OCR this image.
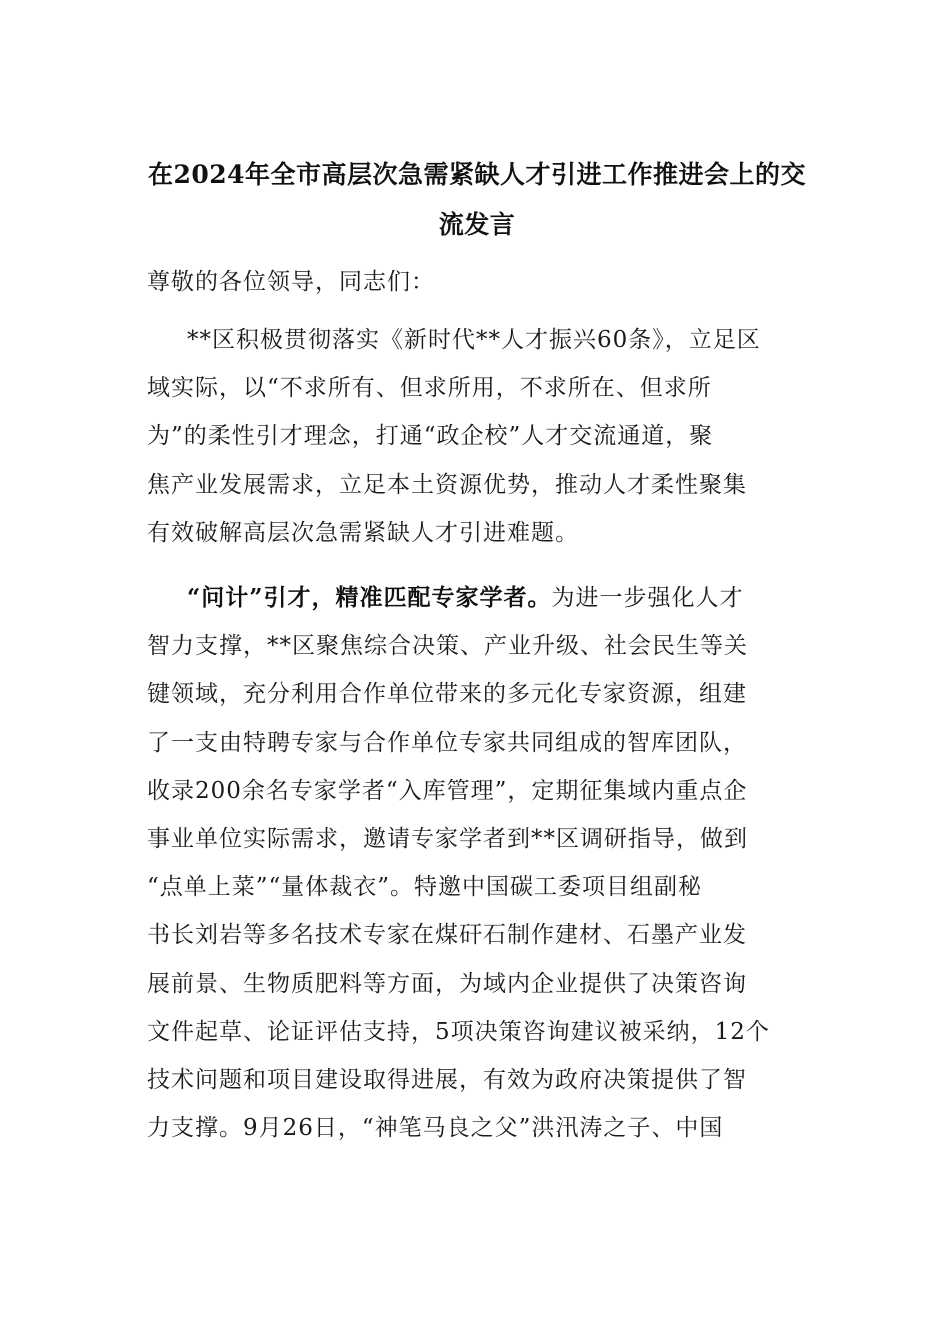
在2024年全市高层次急需紧缺人才引进工作推进会上的交
流发言

尊敬的各位领导，同志们：

**区积极贯彻落实《新时代**人才振兴60条》，立足区
域实际，以“不求所有、但求所用，不求所在、但求所
为”的柔性引才理念，打通“政企校”人才交流通道，聚
焦产业发展需求，立足本土资源优势，推动人才柔性聚集
有效破解高层次急需紧缺人才引进难题。

“问计”引才，精准匹配专家学者。为进一步强化人才
智力支撑，**区聚焦综合决策、产业升级、社会民生等关
键领域，充分利用合作单位带来的多元化专家资源，组建
了一支由特聘专家与合作单位专家共同组成的智库团队，
收录200余名专家学者“入库管理”，定期征集域内重点企
事业单位实际需求，邀请专家学者到**区调研指导，做到
“点单上菜”“量体裁衣”。特邀中国碳工委项目组副秘
书长刘岩等多名技术专家在煤矸石制作建材、石墨产业发
展前景、生物质肥料等方面，为域内企业提供了决策咨询
文件起草、论证评估支持，5项决策咨询建议被采纳，12个
技术问题和项目建设取得进展，有效为政府决策提供了智
力支撑。9月26日，“神笔马良之父”洪汛涛之子、中国
